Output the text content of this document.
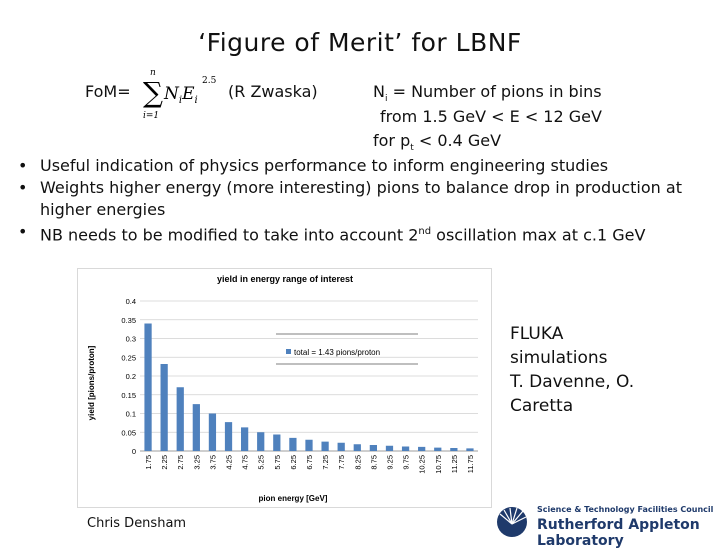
‘Figure of Merit’ for LBNF
FoM=
n
∑
i=1
$N_iE_i$
2.5
(R Zwaska)	$N_i$ = Number of pions in bins
from 1.5 GeV < E < 12 GeV
for $p_t < 0.4$ GeV
• Useful indication of physics performance to inform engineering studies
• Weights higher energy (more interesting) pions to balance drop in production at higher energies
• NB needs to be modified to take into account 2nd oscillation max at c.1 GeV
yield in energy range of interest
yield [pions/proton]
pion energy [GeV]
0
0.05
0.1
0.15
0.2
0.25
0.3
0.35
0.4
1.75 2.25 2.75 3.25 3.75 4.25 4.75 5.25 5.75 6.25 6.75 7.25 7.75 8.25 8.75 9.25 9.75 10.25 10.75 11.25 11.75
total = 1.43 pions/proton
FLUKA
simulations
T. Davenne, O.
Caretta
Chris Densham
Science & Technology Facilities Council
Rutherford Appleton Laboratory
